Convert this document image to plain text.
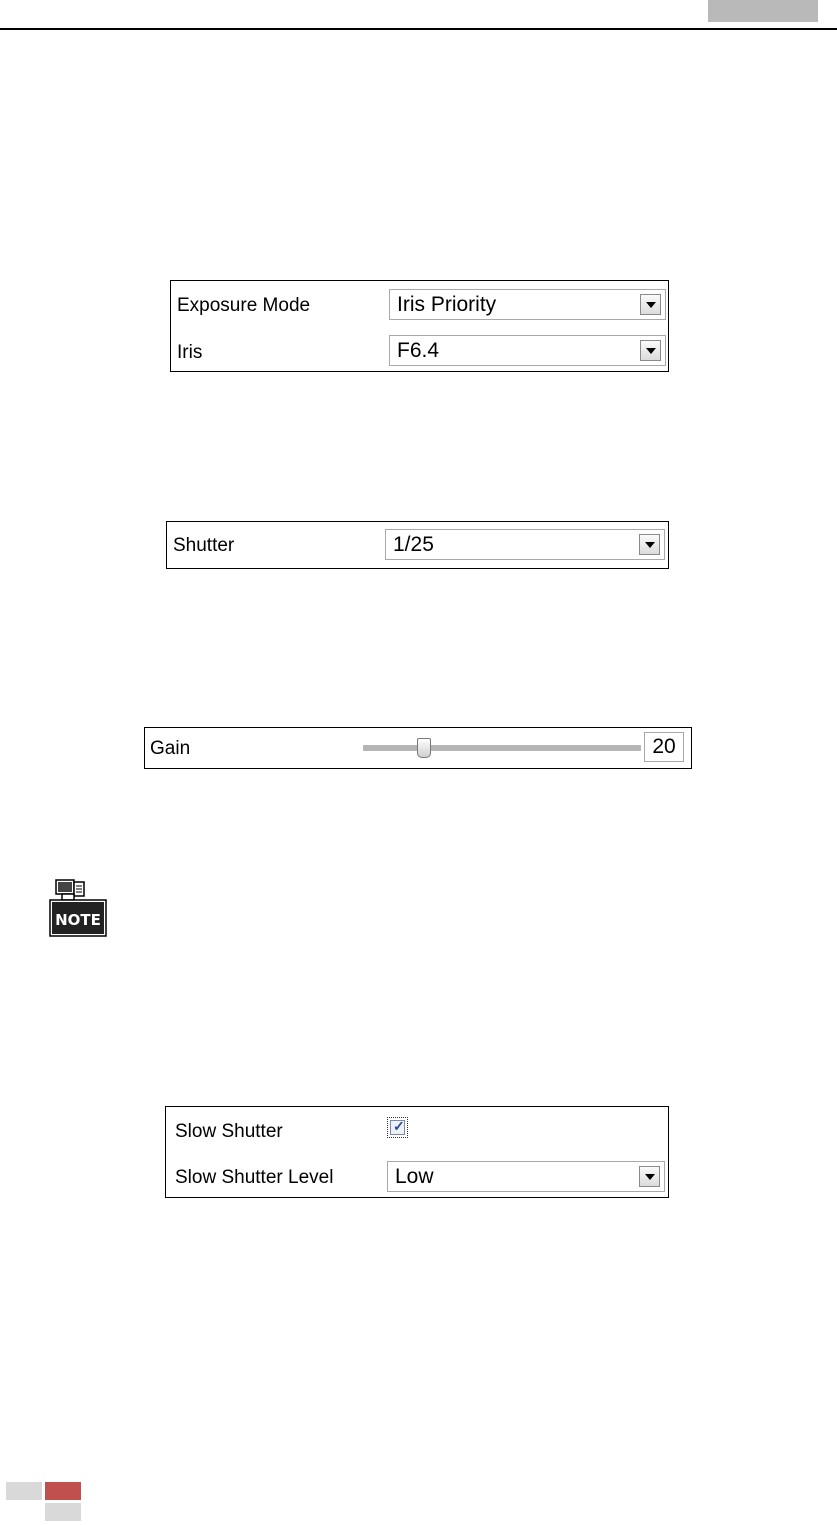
Exposure Mode	Iris Priority
Iris	F6.4
Shutter	1/25
Gain	20
NOTE
Slow Shutter	✓
Slow Shutter Level	Low
